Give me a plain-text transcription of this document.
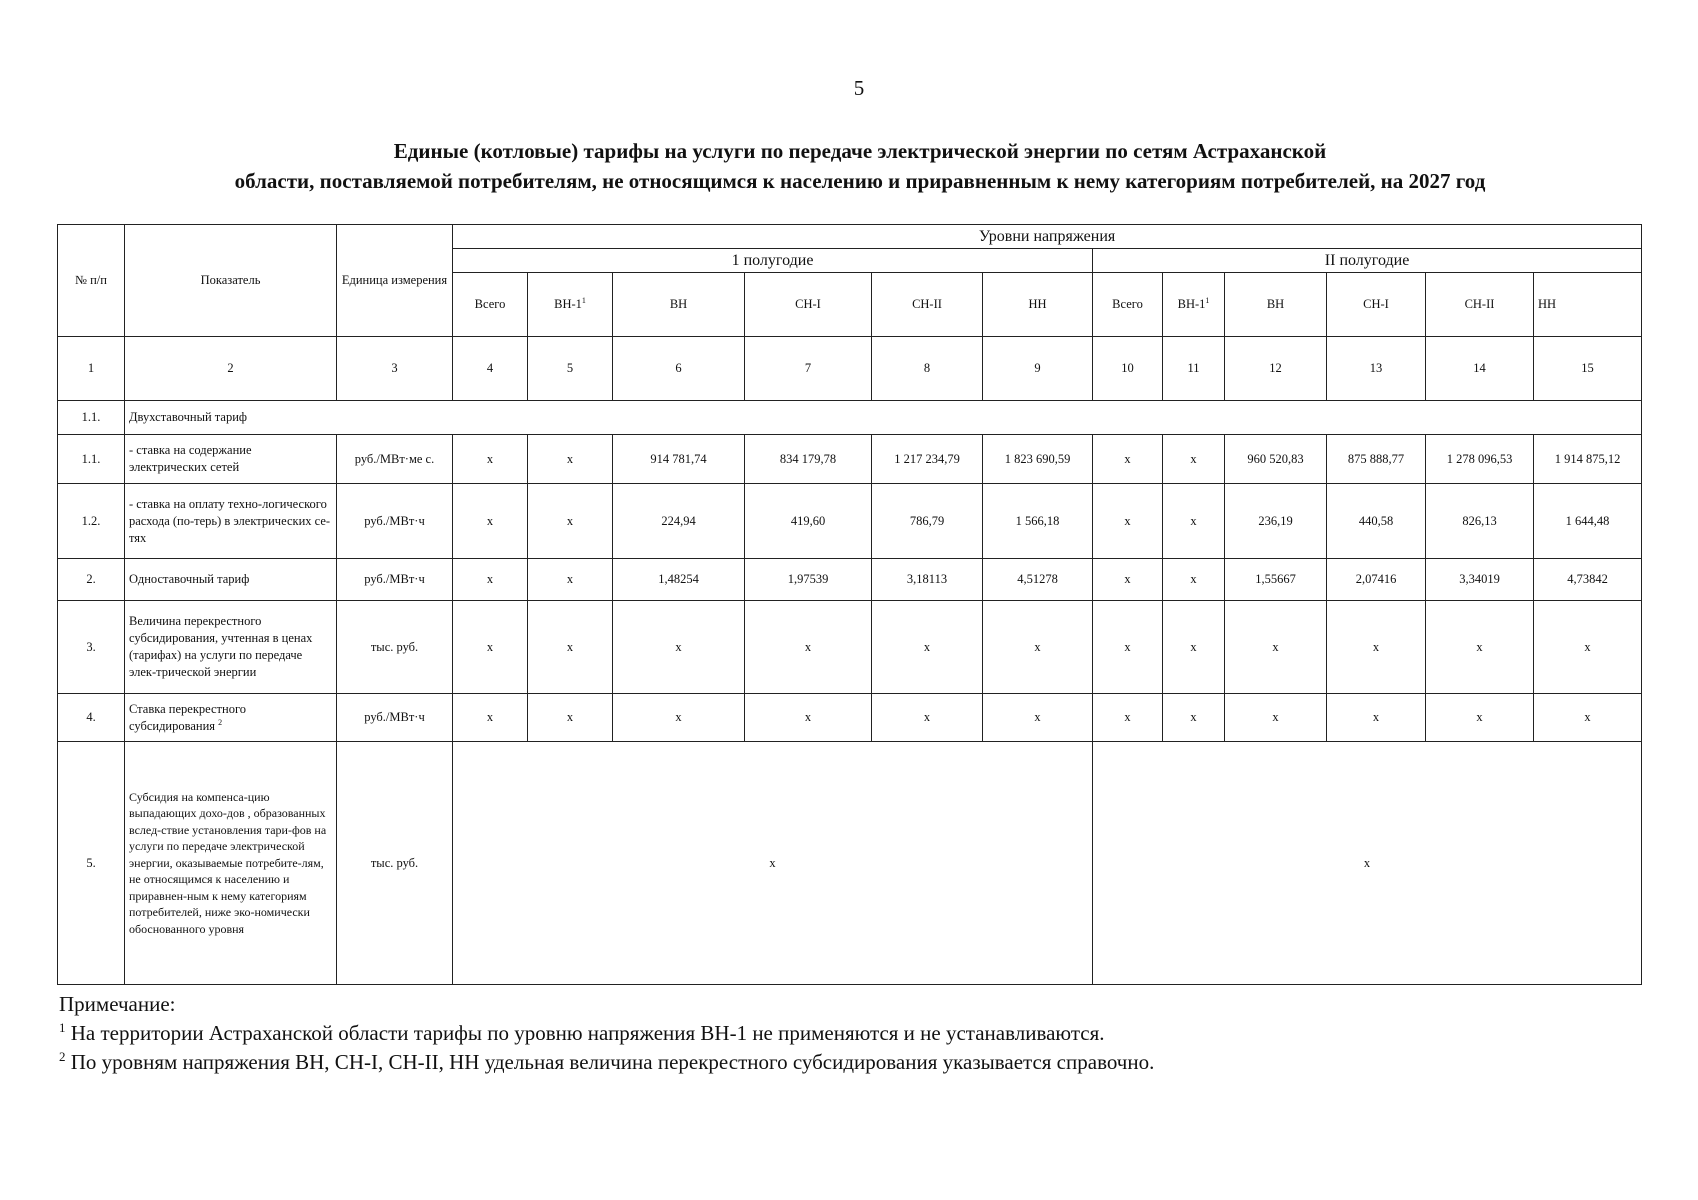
5
Единые (котловые) тарифы на услуги по передаче электрической энергии по сетям Астраханской
области, поставляемой потребителям, не относящимся к населению и приравненным к нему категориям потребителей, на 2027 год
№ п/п	Показатель	Единица измерения	Уровни напряжения											
			1 полугодие						II полугодие					
			Всего	$ВН-1^1$	ВН	СН-I	СН-II	НН	Всего	$ВН-1^1$	ВН	СН-I	СН-II	НН
1	2	3	4	5	6	7	8	9	10	11	12	13	14	15
1.1.	Двухставочный тариф													
1.1.	- ставка на содержание электрических сетей	руб./МВт·ме с.	х	х	914 781,74	834 179,78	1 217 234,79	1 823 690,59	х	х	960 520,83	875 888,77	1 278 096,53	1 914 875,12
1.2.	- ставка на оплату техно-логического расхода (по-терь) в электрических се-тях	руб./МВт·ч	х	х	224,94	419,60	786,79	1 566,18	х	х	236,19	440,58	826,13	1 644,48
2.	Одноставочный тариф	руб./МВт·ч	х	х	1,48254	1,97539	3,18113	4,51278	х	х	1,55667	2,07416	3,34019	4,73842
3.	Величина перекрестного субсидирования, учтенная в ценах (тарифах) на услуги по передаче элек-трической энергии	тыс. руб.	х	х	х	х	х	х	х	х	х	х	х	х
4.	Ставка перекрестного субсидирования $^2$	руб./МВт·ч	х	х	х	х	х	х	х	х	х	х	х	х
5.	Субсидия на компенса-цию выпадающих дохо-дов , образованных вслед-ствие установления тари-фов на услуги по передаче электрической энергии, оказываемые потребите-лям, не относящимся к населению и приравнен-ным к нему категориям потребителей, ниже эко-номически обоснованного уровня	тыс. руб.	х						х					
Примечание:
$^1$ На территории Астраханской области тарифы по уровню напряжения ВН-1 не применяются и не устанавливаются.
$^2$ По уровням напряжения ВН, СН-I, СН-II, НН удельная величина перекрестного субсидирования указывается справочно.
